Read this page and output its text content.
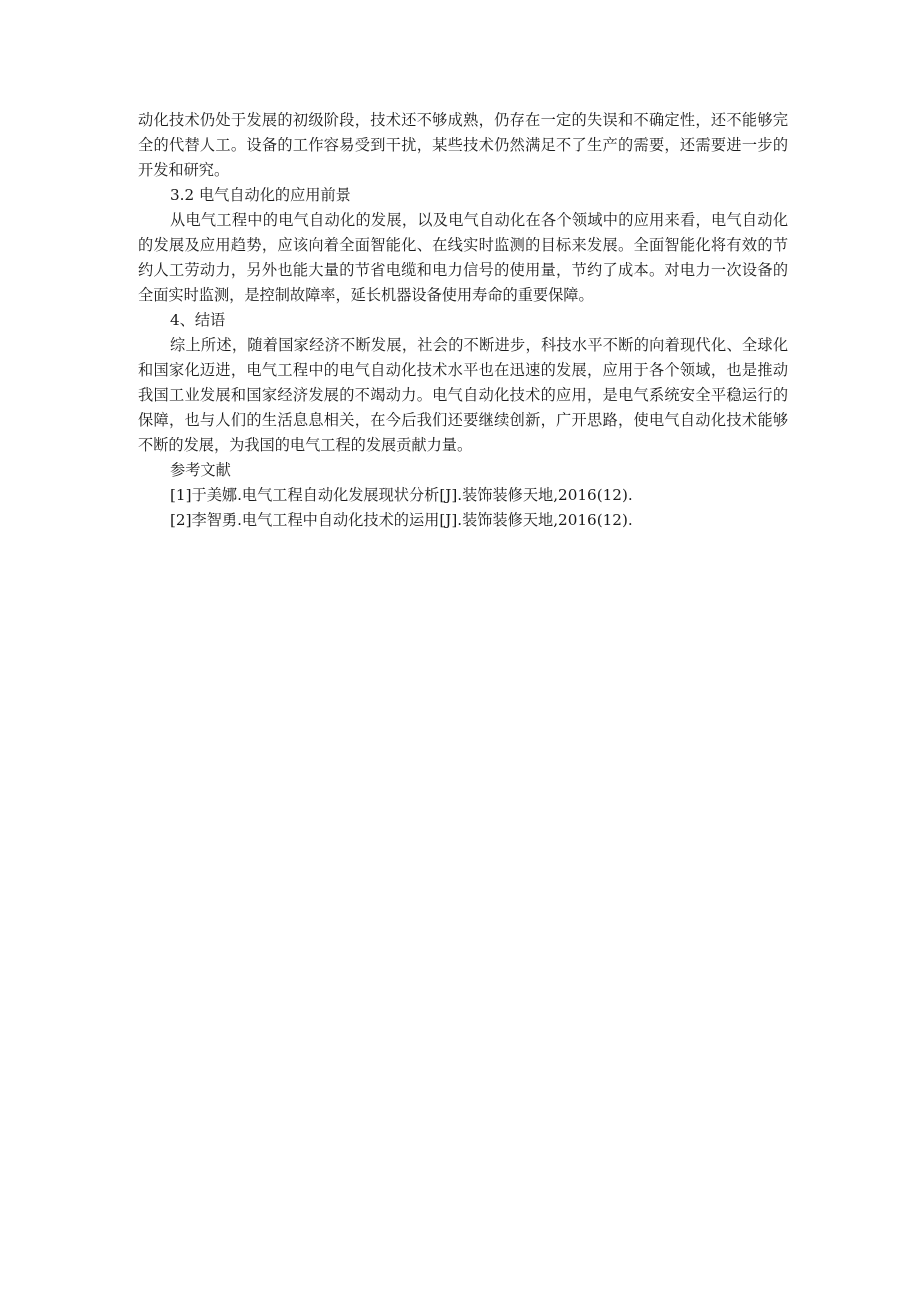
动化技术仍处于发展的初级阶段，技术还不够成熟，仍存在一定的失误和不确定性，还不能够完全的代替人工。设备的工作容易受到干扰，某些技术仍然满足不了生产的需要，还需要进一步的开发和研究。

3.2 电气自动化的应用前景

从电气工程中的电气自动化的发展，以及电气自动化在各个领域中的应用来看，电气自动化的发展及应用趋势，应该向着全面智能化、在线实时监测的目标来发展。全面智能化将有效的节约人工劳动力，另外也能大量的节省电缆和电力信号的使用量，节约了成本。对电力一次设备的全面实时监测，是控制故障率，延长机器设备使用寿命的重要保障。

4、结语

综上所述，随着国家经济不断发展，社会的不断进步，科技水平不断的向着现代化、全球化和国家化迈进，电气工程中的电气自动化技术水平也在迅速的发展，应用于各个领域，也是推动我国工业发展和国家经济发展的不竭动力。电气自动化技术的应用，是电气系统安全平稳运行的保障，也与人们的生活息息相关，在今后我们还要继续创新，广开思路，使电气自动化技术能够不断的发展，为我国的电气工程的发展贡献力量。

参考文献

[1]于美娜.电气工程自动化发展现状分析[J].装饰装修天地,2016(12).

[2]李智勇.电气工程中自动化技术的运用[J].装饰装修天地,2016(12).
